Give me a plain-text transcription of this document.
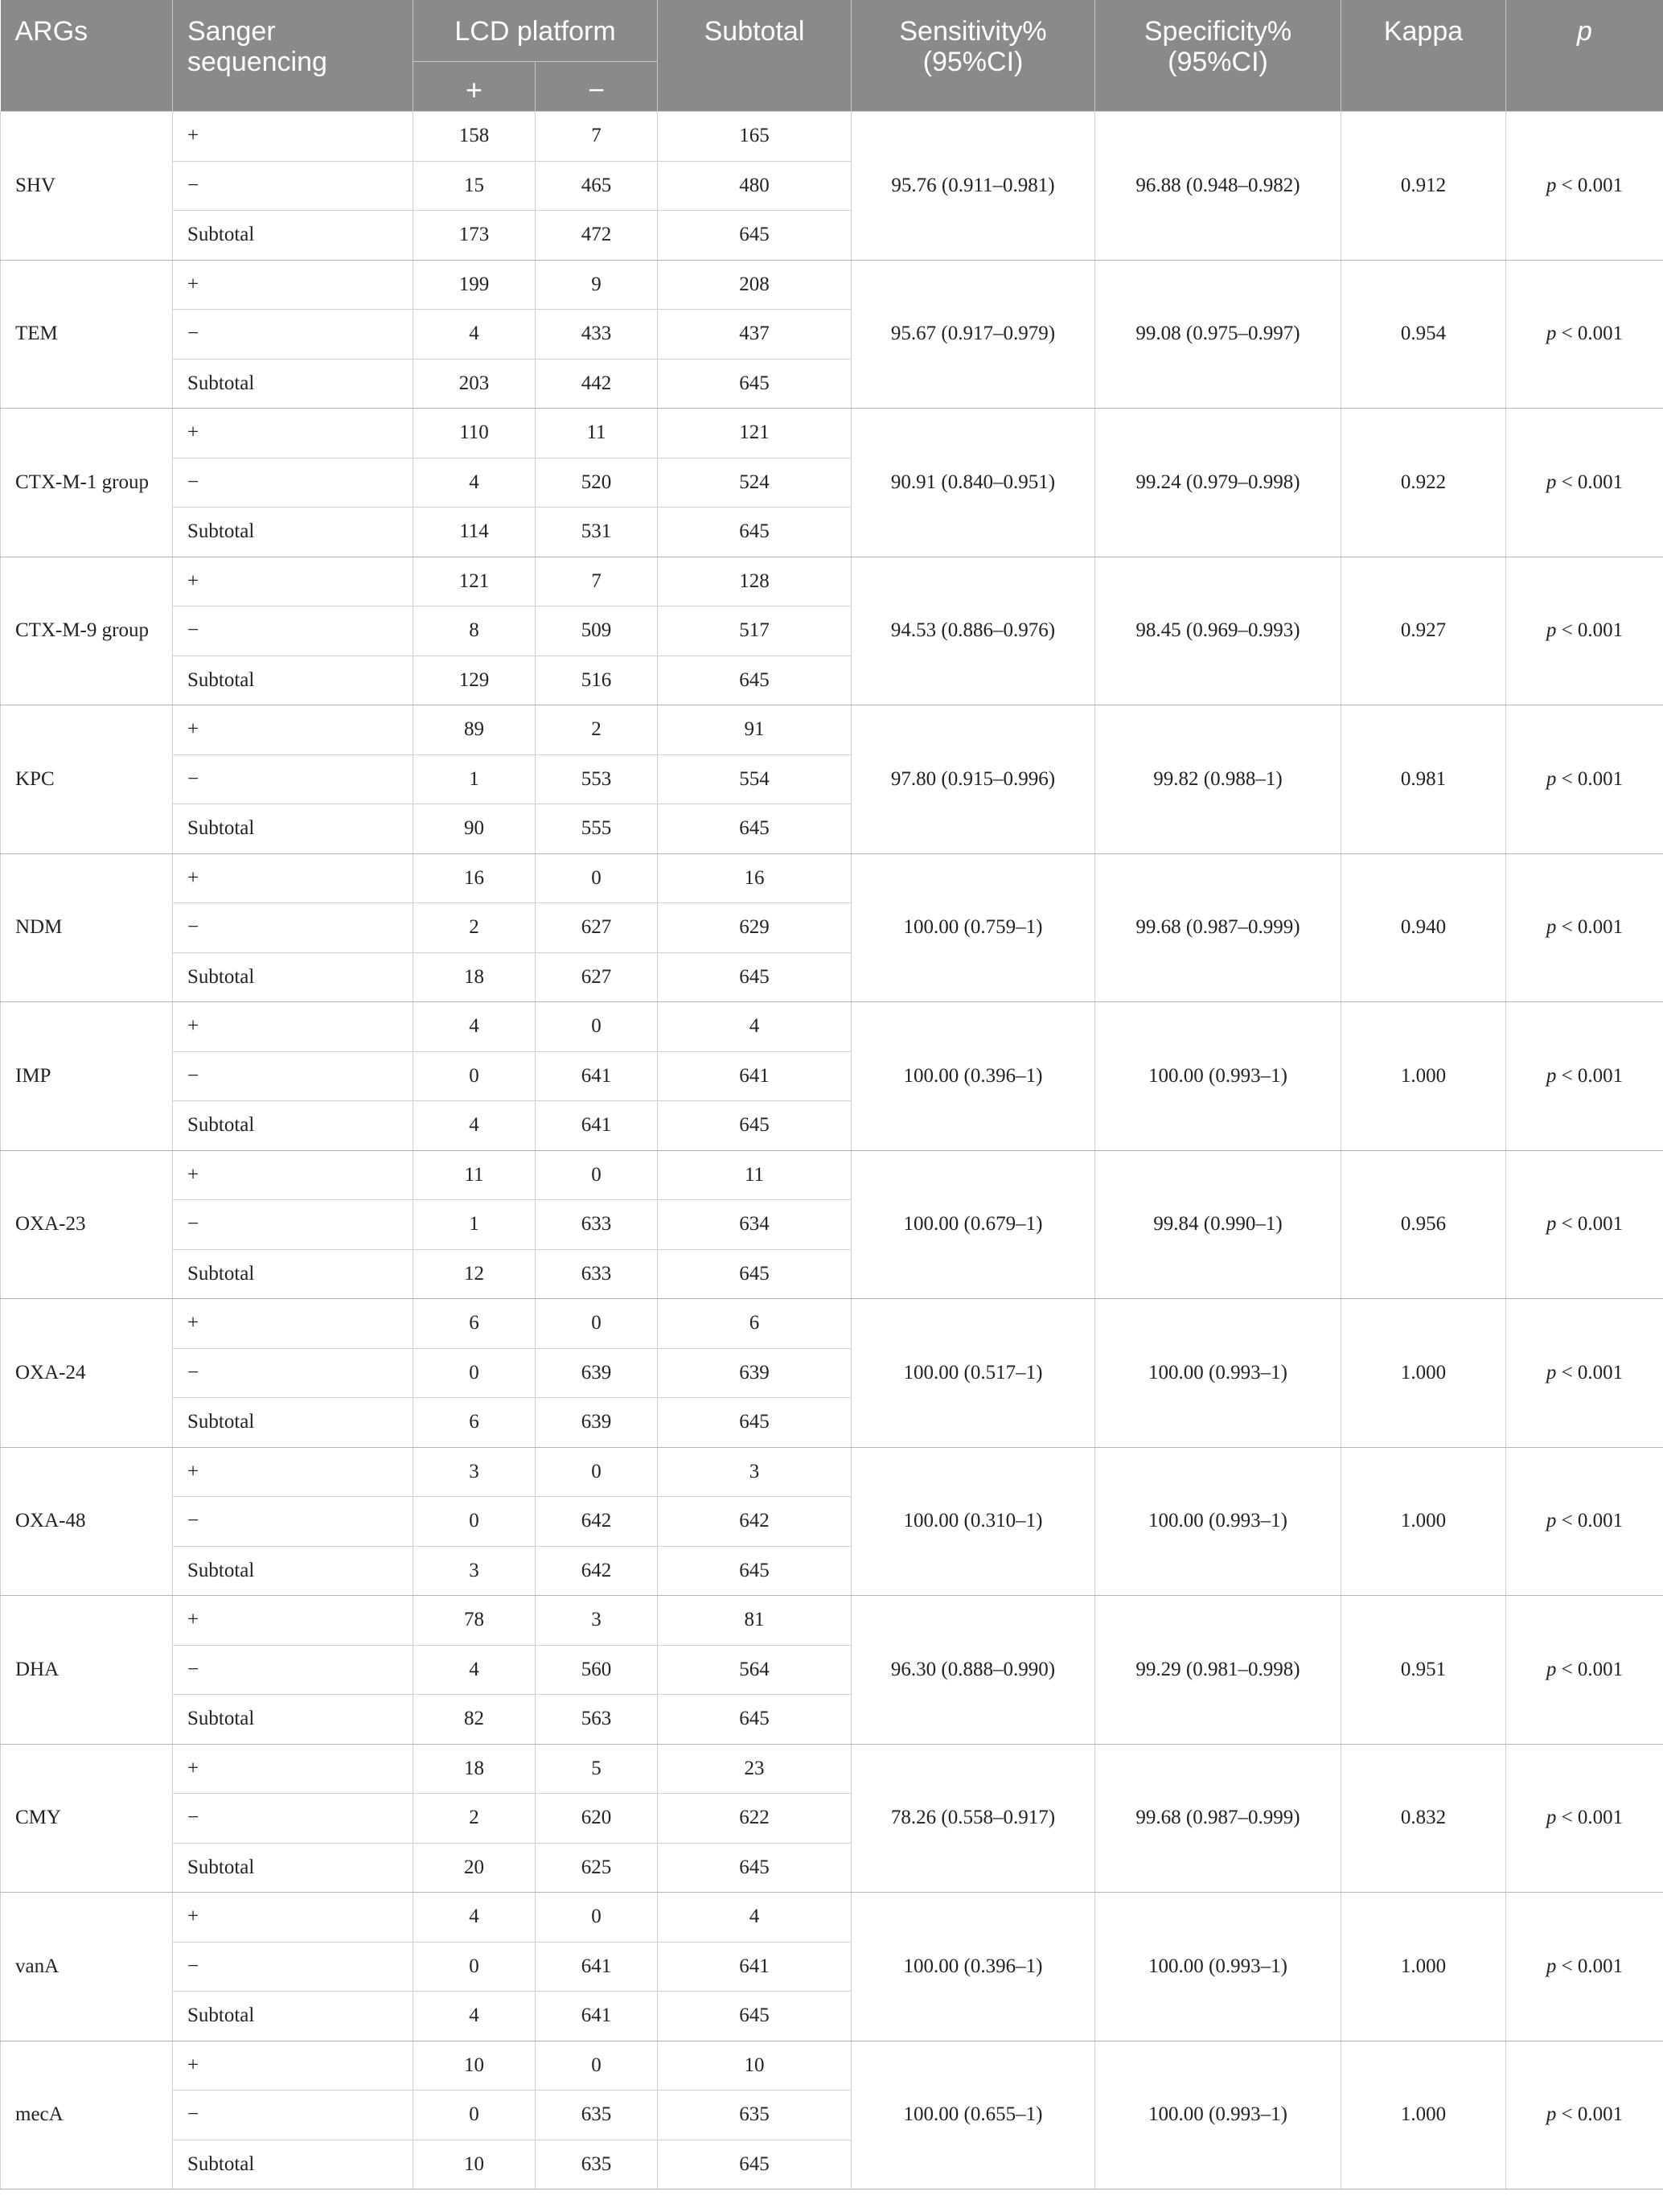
ARGs	Sanger sequencing	LCD platform		Subtotal	Sensitivity% (95%CI)	Specificity% (95%CI)	Kappa	p
		+	−					
SHV	+	158	7	165	95.76 (0.911–0.981)	96.88 (0.948–0.982)	0.912	p < 0.001
	−	15	465	480				
	Subtotal	173	472	645				
TEM	+	199	9	208	95.67 (0.917–0.979)	99.08 (0.975–0.997)	0.954	p < 0.001
	−	4	433	437				
	Subtotal	203	442	645				
CTX-M-1 group	+	110	11	121	90.91 (0.840–0.951)	99.24 (0.979–0.998)	0.922	p < 0.001
	−	4	520	524				
	Subtotal	114	531	645				
CTX-M-9 group	+	121	7	128	94.53 (0.886–0.976)	98.45 (0.969–0.993)	0.927	p < 0.001
	−	8	509	517				
	Subtotal	129	516	645				
KPC	+	89	2	91	97.80 (0.915–0.996)	99.82 (0.988–1)	0.981	p < 0.001
	−	1	553	554				
	Subtotal	90	555	645				
NDM	+	16	0	16	100.00 (0.759–1)	99.68 (0.987–0.999)	0.940	p < 0.001
	−	2	627	629				
	Subtotal	18	627	645				
IMP	+	4	0	4	100.00 (0.396–1)	100.00 (0.993–1)	1.000	p < 0.001
	−	0	641	641				
	Subtotal	4	641	645				
OXA-23	+	11	0	11	100.00 (0.679–1)	99.84 (0.990–1)	0.956	p < 0.001
	−	1	633	634				
	Subtotal	12	633	645				
OXA-24	+	6	0	6	100.00 (0.517–1)	100.00 (0.993–1)	1.000	p < 0.001
	−	0	639	639				
	Subtotal	6	639	645				
OXA-48	+	3	0	3	100.00 (0.310–1)	100.00 (0.993–1)	1.000	p < 0.001
	−	0	642	642				
	Subtotal	3	642	645				
DHA	+	78	3	81	96.30 (0.888–0.990)	99.29 (0.981–0.998)	0.951	p < 0.001
	−	4	560	564				
	Subtotal	82	563	645				
CMY	+	18	5	23	78.26 (0.558–0.917)	99.68 (0.987–0.999)	0.832	p < 0.001
	−	2	620	622				
	Subtotal	20	625	645				
vanA	+	4	0	4	100.00 (0.396–1)	100.00 (0.993–1)	1.000	p < 0.001
	−	0	641	641				
	Subtotal	4	641	645				
mecA	+	10	0	10	100.00 (0.655–1)	100.00 (0.993–1)	1.000	p < 0.001
	−	0	635	635				
	Subtotal	10	635	645				
